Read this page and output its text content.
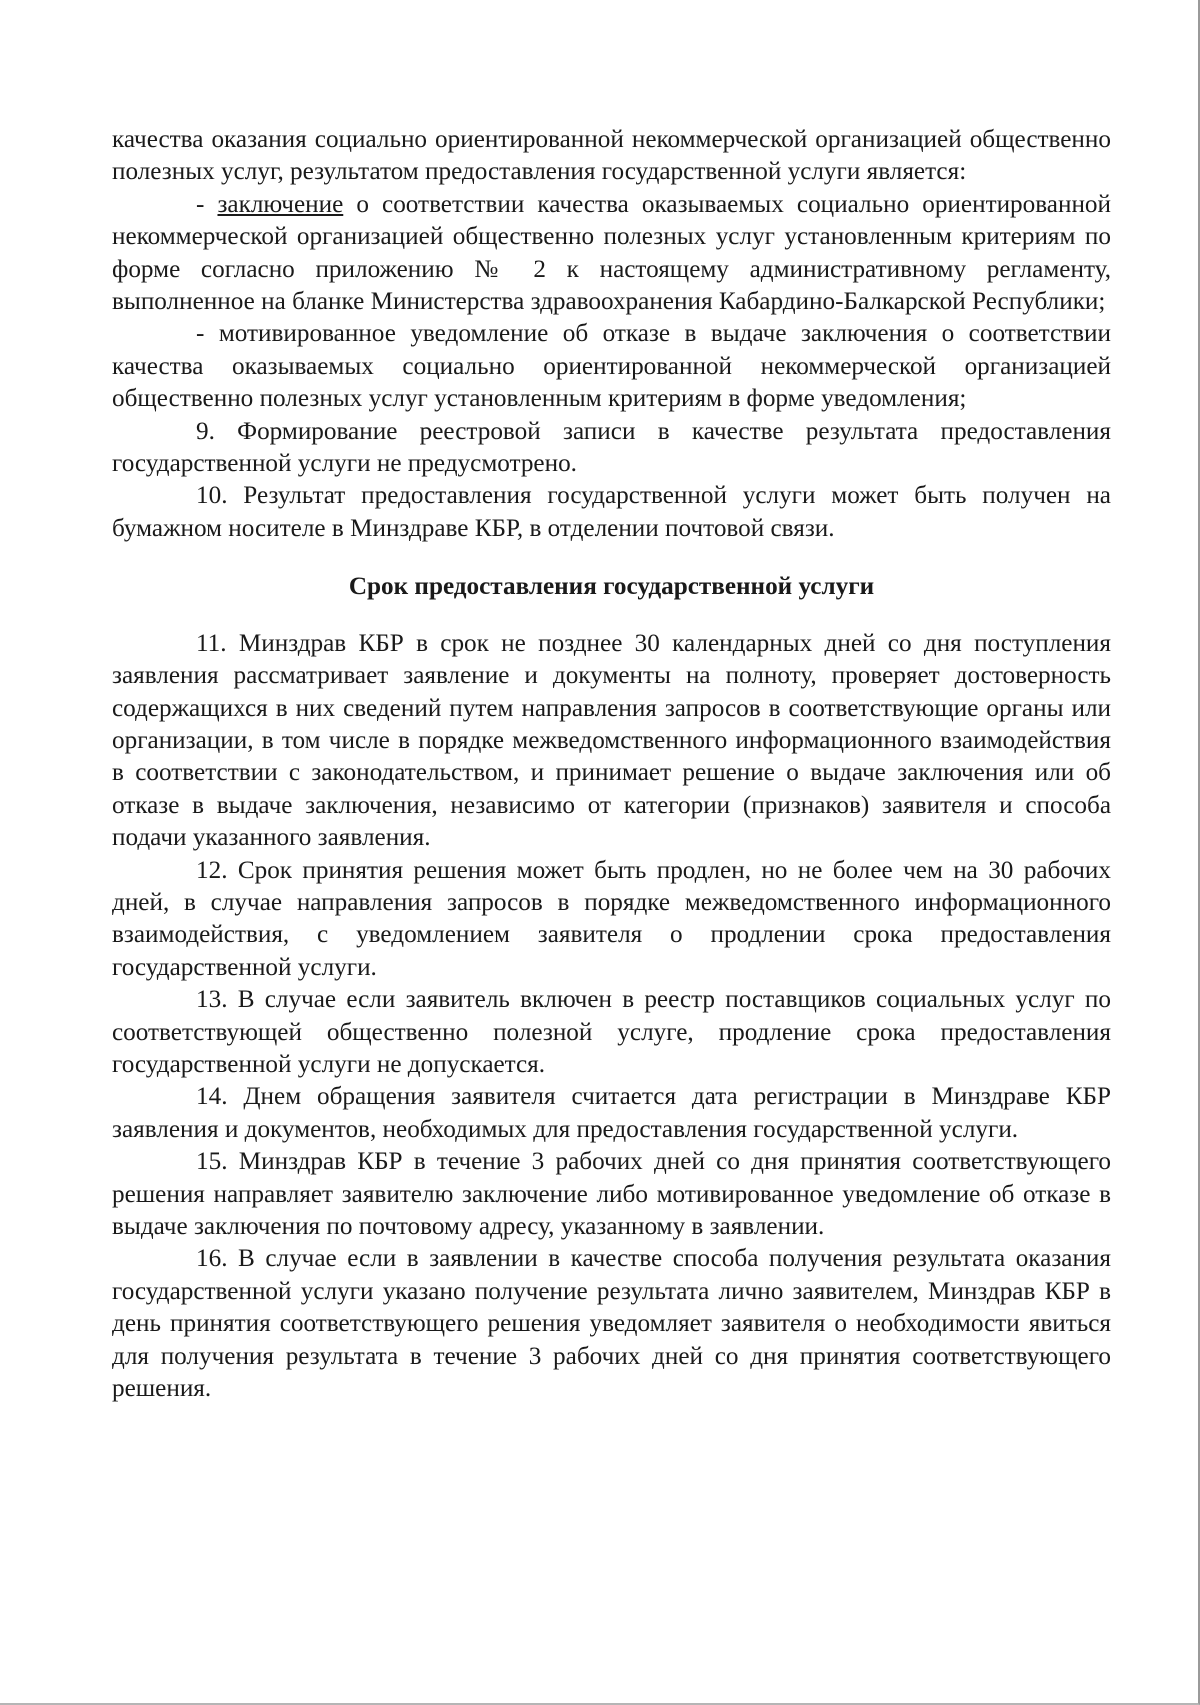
качества оказания социально ориентированной некоммерческой организацией общественно полезных услуг, результатом предоставления государственной услуги является:

- заключение о соответствии качества оказываемых социально ориентированной некоммерческой организацией общественно полезных услуг установленным критериям по форме согласно приложению № 2 к настоящему административному регламенту, выполненное на бланке Министерства здравоохранения Кабардино-Балкарской Республики;

- мотивированное уведомление об отказе в выдаче заключения о соответствии качества оказываемых социально ориентированной некоммерческой организацией общественно полезных услуг установленным критериям в форме уведомления;

9. Формирование реестровой записи в качестве результата предоставления государственной услуги не предусмотрено.

10. Результат предоставления государственной услуги может быть получен на бумажном носителе в Минздраве КБР, в отделении почтовой связи.

Срок предоставления государственной услуги

11. Минздрав КБР в срок не позднее 30 календарных дней со дня поступления заявления рассматривает заявление и документы на полноту, проверяет достоверность содержащихся в них сведений путем направления запросов в соответствующие органы или организации, в том числе в порядке межведомственного информационного взаимодействия в соответствии с законодательством, и принимает решение о выдаче заключения или об отказе в выдаче заключения, независимо от категории (признаков) заявителя и способа подачи указанного заявления.

12. Срок принятия решения может быть продлен, но не более чем на 30 рабочих дней, в случае направления запросов в порядке межведомственного информационного взаимодействия, с уведомлением заявителя о продлении срока предоставления государственной услуги.

13. В случае если заявитель включен в реестр поставщиков социальных услуг по соответствующей общественно полезной услуге, продление срока предоставления государственной услуги не допускается.

14. Днем обращения заявителя считается дата регистрации в Минздраве КБР заявления и документов, необходимых для предоставления государственной услуги.

15. Минздрав КБР в течение 3 рабочих дней со дня принятия соответствующего решения направляет заявителю заключение либо мотивированное уведомление об отказе в выдаче заключения по почтовому адресу, указанному в заявлении.

16. В случае если в заявлении в качестве способа получения результата оказания государственной услуги указано получение результата лично заявителем, Минздрав КБР в день принятия соответствующего решения уведомляет заявителя о необходимости явиться для получения результата в течение 3 рабочих дней со дня принятия соответствующего решения.
